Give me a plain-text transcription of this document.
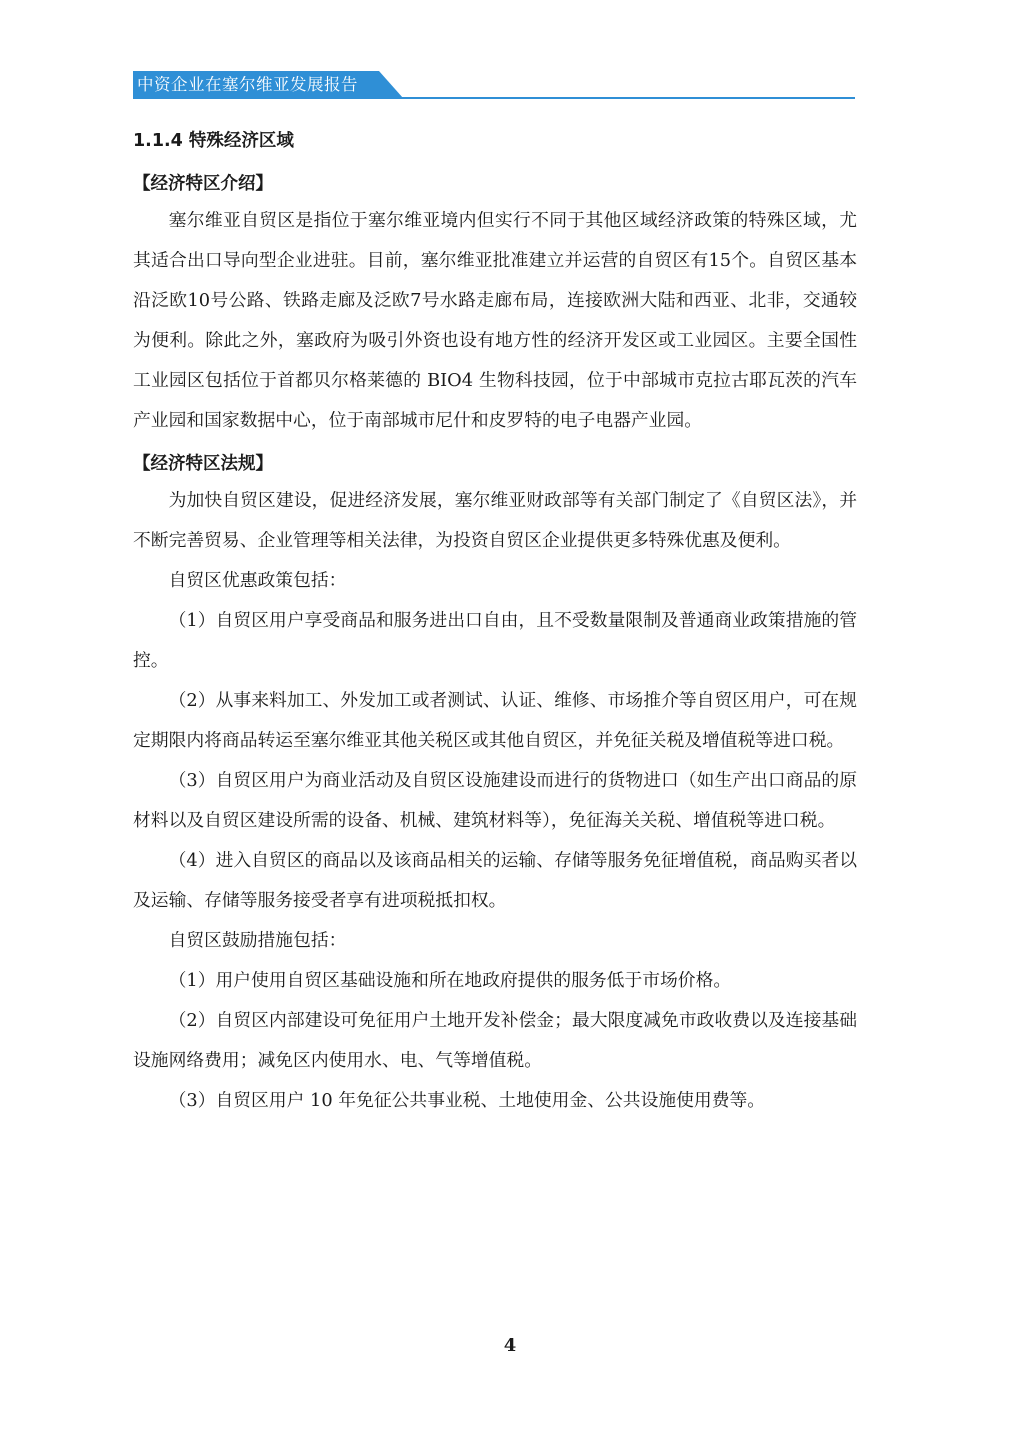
中资企业在塞尔维亚发展报告
1.1.4 特殊经济区域
【经济特区介绍】

塞尔维亚自贸区是指位于塞尔维亚境内但实行不同于其他区域经济政策的特殊区域，尤其适合出口导向型企业进驻。目前，塞尔维亚批准建立并运营的自贸区有15个。自贸区基本沿泛欧10号公路、铁路走廊及泛欧7号水路走廊布局，连接欧洲大陆和西亚、北非，交通较为便利。除此之外，塞政府为吸引外资也设有地方性的经济开发区或工业园区。主要全国性工业园区包括位于首都贝尔格莱德的 BIO4 生物科技园，位于中部城市克拉古耶瓦茨的汽车产业园和国家数据中心，位于南部城市尼什和皮罗特的电子电器产业园。

【经济特区法规】

为加快自贸区建设，促进经济发展，塞尔维亚财政部等有关部门制定了《自贸区法》，并不断完善贸易、企业管理等相关法律，为投资自贸区企业提供更多特殊优惠及便利。

自贸区优惠政策包括：

（1）自贸区用户享受商品和服务进出口自由，且不受数量限制及普通商业政策措施的管控。

（2）从事来料加工、外发加工或者测试、认证、维修、市场推介等自贸区用户，可在规定期限内将商品转运至塞尔维亚其他关税区或其他自贸区，并免征关税及增值税等进口税。

（3）自贸区用户为商业活动及自贸区设施建设而进行的货物进口（如生产出口商品的原材料以及自贸区建设所需的设备、机械、建筑材料等），免征海关关税、增值税等进口税。

（4）进入自贸区的商品以及该商品相关的运输、存储等服务免征增值税，商品购买者以及运输、存储等服务接受者享有进项税抵扣权。

自贸区鼓励措施包括：

（1）用户使用自贸区基础设施和所在地政府提供的服务低于市场价格。

（2）自贸区内部建设可免征用户土地开发补偿金；最大限度减免市政收费以及连接基础设施网络费用；减免区内使用水、电、气等增值税。

（3）自贸区用户 10 年免征公共事业税、土地使用金、公共设施使用费等。

4
